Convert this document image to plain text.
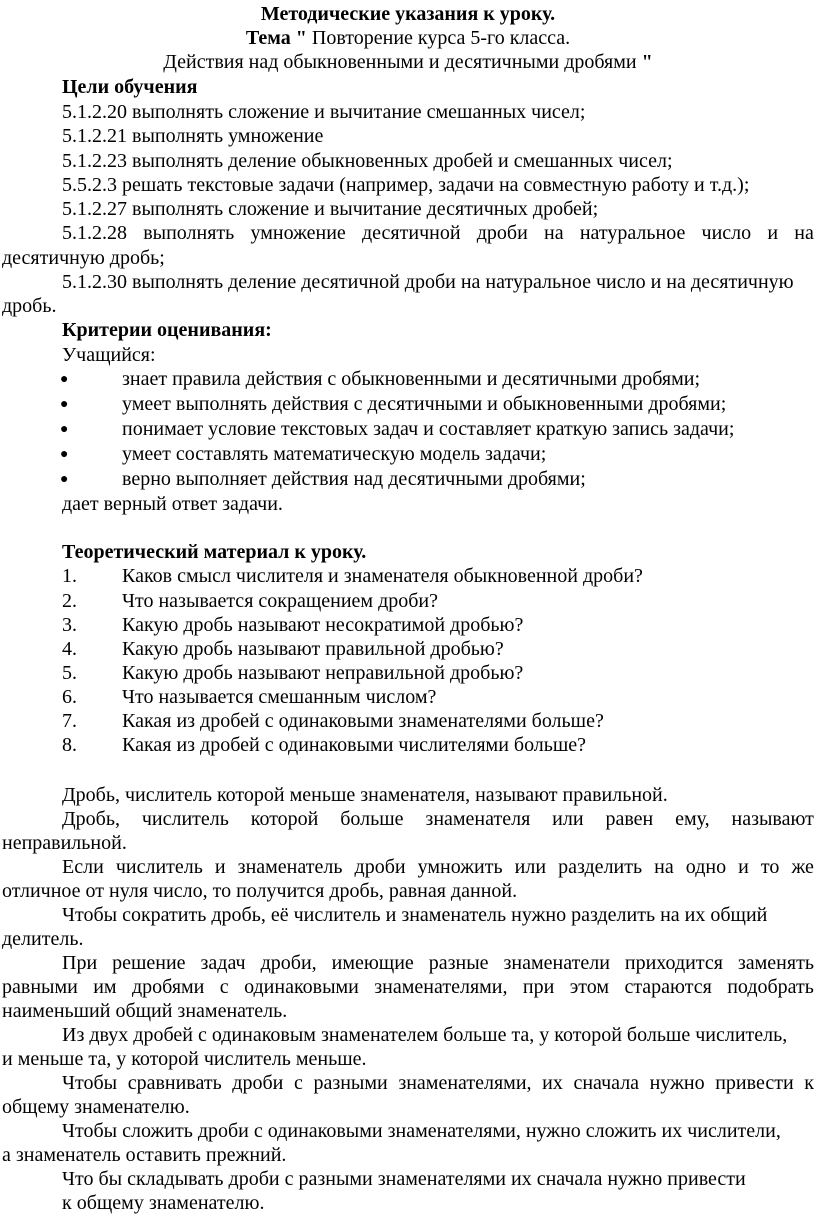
Методические указания к уроку.
Тема " Повторение курса 5-го класса.
Действия над обыкновенными и десятичными дробями "
Цели обучения
5.1.2.20 выполнять сложение и вычитание смешанных чисел;
5.1.2.21 выполнять умножение
5.1.2.23 выполнять деление обыкновенных дробей и смешанных чисел;
5.5.2.3 решать текстовые задачи (например, задачи на совместную работу и т.д.);
5.1.2.27 выполнять сложение и вычитание десятичных дробей;
5.1.2.28 выполнять умножение десятичной дроби на натуральное число и на
десятичную дробь;
5.1.2.30 выполнять деление десятичной дроби на натуральное число и на десятичную
дробь.
Критерии оценивания:
Учащийся:
●	знает правила действия с обыкновенными и десятичными дробями;
●	умеет выполнять действия с десятичными и обыкновенными дробями;
●	понимает условие текстовых задач и составляет краткую запись задачи;
●	умеет составлять математическую модель задачи;
●	верно выполняет действия над десятичными дробями;
дает верный ответ задачи.
Теоретический материал к уроку.
1. Каков смысл числителя и знаменателя обыкновенной дроби?
2. Что называется сокращением дроби?
3. Какую дробь называют несократимой дробью?
4. Какую дробь называют правильной дробью?
5. Какую дробь называют неправильной дробью?
6. Что называется смешанным числом?
7. Какая из дробей с одинаковыми знаменателями больше?
8. Какая из дробей с одинаковыми числителями больше?
Дробь, числитель которой меньше знаменателя, называют правильной.
Дробь, числитель которой больше знаменателя или равен ему, называют
неправильной.
Если числитель и знаменатель дроби умножить или разделить на одно и то же
отличное от нуля число, то получится дробь, равная данной.
Чтобы сократить дробь, её числитель и знаменатель нужно разделить на их общий
делитель.
При решение задач дроби, имеющие разные знаменатели приходится заменять
равными им дробями с одинаковыми знаменателями, при этом стараются подобрать
наименьший общий знаменатель.
Из двух дробей с одинаковым знаменателем больше та, у которой больше числитель,
и меньше та, у которой числитель меньше.
Чтобы сравнивать дроби с разными знаменателями, их сначала нужно привести к
общему знаменателю.
Чтобы сложить дроби с одинаковыми знаменателями, нужно сложить их числители,
а знаменатель оставить прежний.
Что бы складывать дроби с разными знаменателями их сначала нужно привести
к общему знаменателю.
